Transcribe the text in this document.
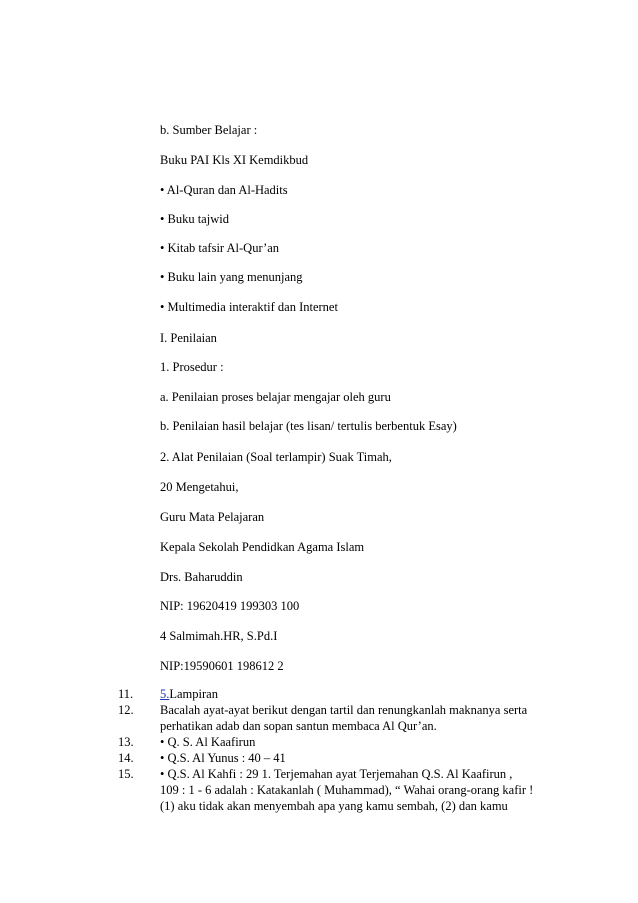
b. Sumber Belajar :
Buku PAI Kls XI Kemdikbud
• Al-Quran dan Al-Hadits
• Buku tajwid
• Kitab tafsir Al-Qur’an
• Buku lain yang menunjang
• Multimedia interaktif dan Internet
I. Penilaian
1. Prosedur :
a. Penilaian proses belajar mengajar oleh guru
b. Penilaian hasil belajar (tes lisan/ tertulis berbentuk Esay)
2. Alat Penilaian (Soal terlampir) Suak Timah,
20 Mengetahui,
Guru Mata Pelajaran
Kepala Sekolah Pendidkan Agama Islam
Drs. Baharuddin
NIP: 19620419 199303 100
4 Salmimah.HR, S.Pd.I
NIP:19590601 198612 2
11. 5.Lampiran
12. Bacalah ayat-ayat berikut dengan tartil dan renungkanlah maknanya serta
perhatikan adab dan sopan santun membaca Al Qur’an.
13. • Q. S. Al Kaafirun
14. • Q.S. Al Yunus : 40 – 41
15. • Q.S. Al Kahfi : 29 1. Terjemahan ayat Terjemahan Q.S. Al Kaafirun ,
109 : 1 - 6 adalah : Katakanlah ( Muhammad), “ Wahai orang-orang kafir !
(1) aku tidak akan menyembah apa yang kamu sembah, (2) dan kamu
